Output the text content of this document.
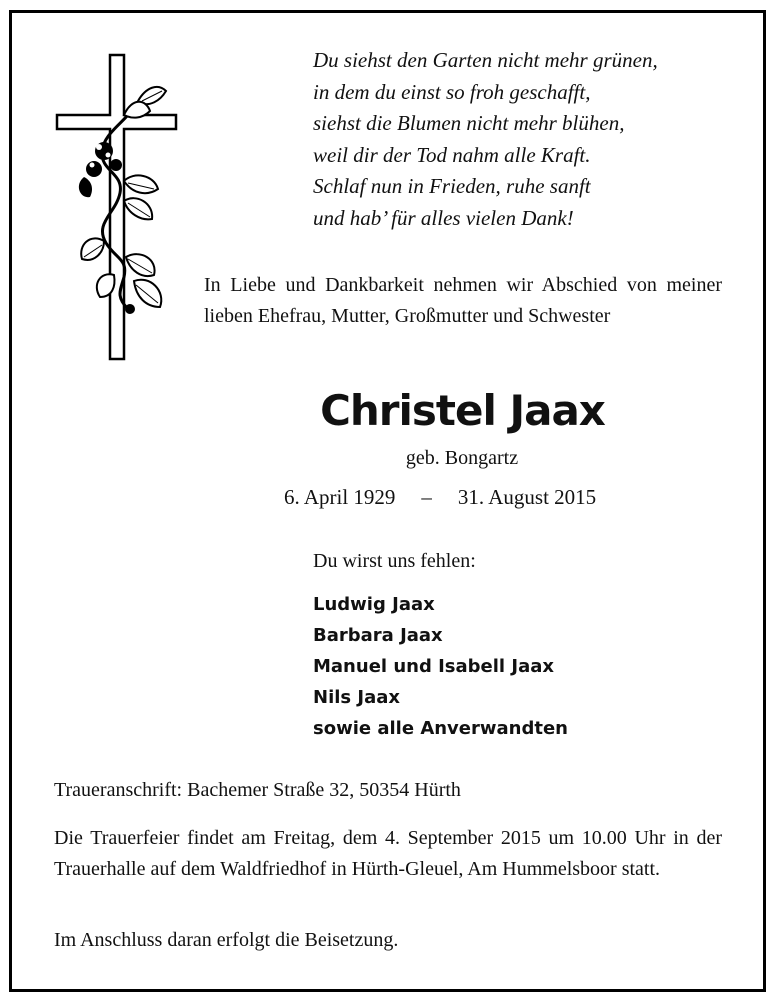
Du siehst den Garten nicht mehr grünen,
in dem du einst so froh geschafft,
siehst die Blumen nicht mehr blühen,
weil dir der Tod nahm alle Kraft.
Schlaf nun in Frieden, ruhe sanft
und hab’ für alles vielen Dank!
In Liebe und Dankbarkeit nehmen wir Abschied von meiner lieben Ehefrau, Mutter, Großmutter und Schwester
Christel Jaax
geb. Bongartz
6. April 1929 – 31. August 2015
Du wirst uns fehlen:
Ludwig Jaax
Barbara Jaax
Manuel und Isabell Jaax
Nils Jaax
sowie alle Anverwandten
Traueranschrift: Bachemer Straße 32, 50354 Hürth
Die Trauerfeier findet am Freitag, dem 4. September 2015 um 10.00 Uhr in der Trauerhalle auf dem Waldfriedhof in Hürth-Gleuel, Am Hummelsboor statt.
Im Anschluss daran erfolgt die Beisetzung.
